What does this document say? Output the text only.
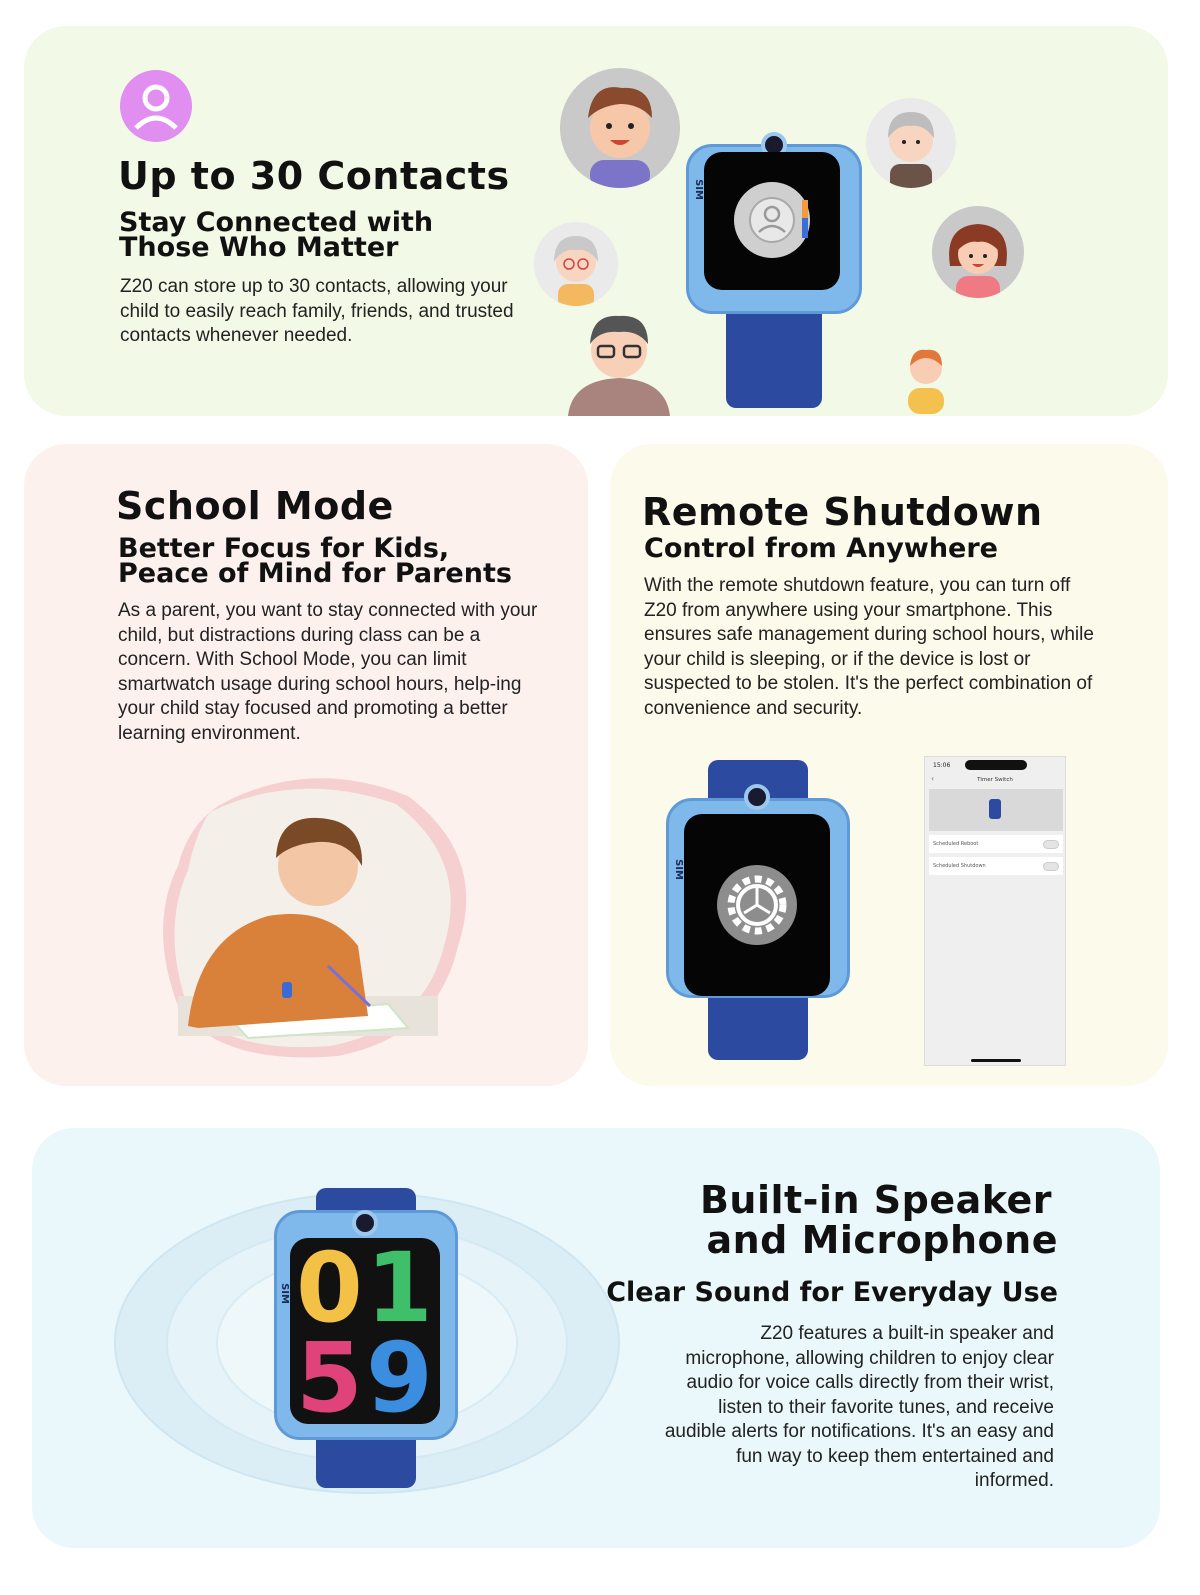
Up to 30 Contacts
Stay Connected with
Those Who Matter

Z20 can store up to 30 contacts, allowing your child to easily reach family, friends, and trusted contacts whenever needed.

SIM
School Mode
Better Focus for Kids,
Peace of Mind for Parents

As a parent, you want to stay connected with your child, but distractions during class can be a concern. With School Mode, you can limit smartwatch usage during school hours, help-ing your child stay focused and promoting a better learning environment.

Remote Shutdown
Control from Anywhere

With the remote shutdown feature, you can turn off Z20 from anywhere using your smartphone. This ensures safe management during school hours, while your child is sleeping, or if the device is lost or suspected to be stolen. It's the perfect combination of convenience and security.

SIM
15:06
Timer Switch
‹
Scheduled Reboot
Scheduled Shutdown
0 1
5 9
SIM
Built-in Speaker
and Microphone
Clear Sound for Everyday Use

Z20 features a built-in speaker and microphone, allowing children to enjoy clear audio for voice calls directly from their wrist, listen to their favorite tunes, and receive audible alerts for notifications. It's an easy and fun way to keep them entertained and informed.
